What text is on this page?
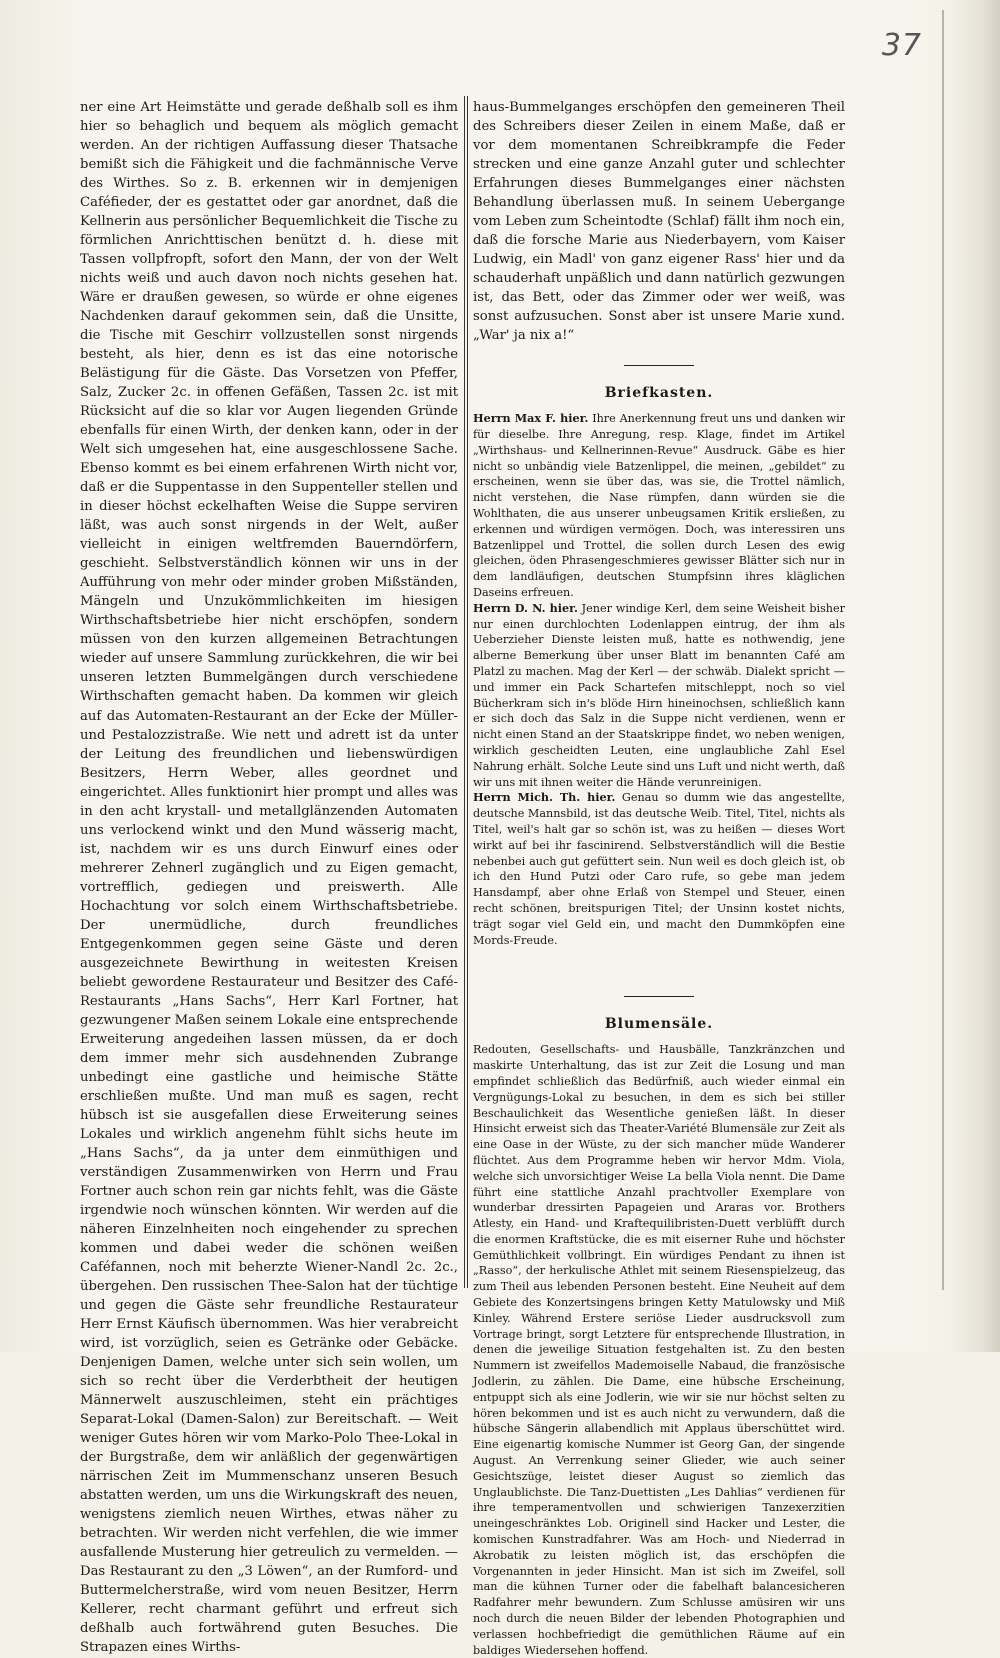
37

ner eine Art Heimstätte und gerade deßhalb soll es ihm hier so behaglich und bequem als möglich gemacht werden. An der richtigen Auffassung dieser Thatsache bemißt sich die Fähigkeit und die fachmännische Verve des Wirthes. So z. B. erkennen wir in demjenigen Caféfieder, der es gestattet oder gar anordnet, daß die Kellnerin aus persönlicher Bequemlichkeit die Tische zu förmlichen Anrichttischen benützt d. h. diese mit Tassen vollpfropft, sofort den Mann, der von der Welt nichts weiß und auch davon noch nichts gesehen hat. Wäre er draußen gewesen, so würde er ohne eigenes Nachdenken darauf gekommen sein, daß die Unsitte, die Tische mit Geschirr vollzustellen sonst nirgends besteht, als hier, denn es ist das eine notorische Belästigung für die Gäste. Das Vorsetzen von Pfeffer, Salz, Zucker 2c. in offenen Gefäßen, Tassen 2c. ist mit Rücksicht auf die so klar vor Augen liegenden Gründe ebenfalls für einen Wirth, der denken kann, oder in der Welt sich umgesehen hat, eine ausgeschlossene Sache. Ebenso kommt es bei einem erfahrenen Wirth nicht vor, daß er die Suppentasse in den Suppenteller stellen und in dieser höchst eckelhaften Weise die Suppe serviren läßt, was auch sonst nirgends in der Welt, außer vielleicht in einigen weltfremden Bauerndörfern, geschieht. Selbstverständlich können wir uns in der Aufführung von mehr oder minder groben Mißständen, Mängeln und Unzukömmlichkeiten im hiesigen Wirthschaftsbetriebe hier nicht erschöpfen, sondern müssen von den kurzen allgemeinen Betrachtungen wieder auf unsere Sammlung zurückkehren, die wir bei unseren letzten Bummelgängen durch verschiedene Wirthschaften gemacht haben. Da kommen wir gleich auf das Automaten-Restaurant an der Ecke der Müller- und Pestalozzistraße. Wie nett und adrett ist da unter der Leitung des freundlichen und liebenswürdigen Besitzers, Herrn Weber, alles geordnet und eingerichtet. Alles funktionirt hier prompt und alles was in den acht krystall- und metallglänzenden Automaten uns verlockend winkt und den Mund wässerig macht, ist, nachdem wir es uns durch Einwurf eines oder mehrerer Zehnerl zugänglich und zu Eigen gemacht, vortrefflich, gediegen und preiswerth. Alle Hochachtung vor solch einem Wirthschaftsbetriebe. Der unermüdliche, durch freundliches Entgegenkommen gegen seine Gäste und deren ausgezeichnete Bewirthung in weitesten Kreisen beliebt gewordene Restaurateur und Besitzer des Café-Restaurants „Hans Sachs“, Herr Karl Fortner, hat gezwungener Maßen seinem Lokale eine entsprechende Erweiterung angedeihen lassen müssen, da er doch dem immer mehr sich ausdehnenden Zubrange unbedingt eine gastliche und heimische Stätte erschließen mußte. Und man muß es sagen, recht hübsch ist sie ausgefallen diese Erweiterung seines Lokales und wirklich angenehm fühlt sichs heute im „Hans Sachs“, da ja unter dem einmüthigen und verständigen Zusammenwirken von Herrn und Frau Fortner auch schon rein gar nichts fehlt, was die Gäste irgendwie noch wünschen könnten. Wir werden auf die näheren Einzelnheiten noch eingehender zu sprechen kommen und dabei weder die schönen weißen Caféfannen, noch mit beherzte Wiener-Nandl 2c. 2c., übergehen. Den russischen Thee-Salon hat der tüchtige und gegen die Gäste sehr freundliche Restaurateur Herr Ernst Käufisch übernommen. Was hier verabreicht wird, ist vorzüglich, seien es Getränke oder Gebäcke. Denjenigen Damen, welche unter sich sein wollen, um sich so recht über die Verderbtheit der heutigen Männerwelt auszuschleimen, steht ein prächtiges Separat-Lokal (Damen-Salon) zur Bereitschaft. — Weit weniger Gutes hören wir vom Marko-Polo Thee-Lokal in der Burgstraße, dem wir anläßlich der gegenwärtigen närrischen Zeit im Mummenschanz unseren Besuch abstatten werden, um uns die Wirkungskraft des neuen, wenigstens ziemlich neuen Wirthes, etwas näher zu betrachten. Wir werden nicht verfehlen, die wie immer ausfallende Musterung hier getreulich zu vermelden. — Das Restaurant zu den „3 Löwen“, an der Rumford- und Buttermelcherstraße, wird vom neuen Besitzer, Herrn Kellerer, recht charmant geführt und erfreut sich deßhalb auch fortwährend guten Besuches. Die Strapazen eines Wirths-

haus-Bummelganges erschöpfen den gemeineren Theil des Schreibers dieser Zeilen in einem Maße, daß er vor dem momentanen Schreibkrampfe die Feder strecken und eine ganze Anzahl guter und schlechter Erfahrungen dieses Bummelganges einer nächsten Behandlung überlassen muß. In seinem Uebergange vom Leben zum Scheintodte (Schlaf) fällt ihm noch ein, daß die forsche Marie aus Niederbayern, vom Kaiser Ludwig, ein Madl' von ganz eigener Rass' hier und da schauderhaft unpäßlich und dann natürlich gezwungen ist, das Bett, oder das Zimmer oder wer weiß, was sonst aufzusuchen. Sonst aber ist unsere Marie xund. „War' ja nix a!“

Briefkasten.

Herrn Max F. hier. Ihre Anerkennung freut uns und danken wir für dieselbe. Ihre Anregung, resp. Klage, findet im Artikel „Wirthshaus- und Kellnerinnen-Revue“ Ausdruck. Gäbe es hier nicht so unbändig viele Batzenlippel, die meinen, „gebildet“ zu erscheinen, wenn sie über das, was sie, die Trottel nämlich, nicht verstehen, die Nase rümpfen, dann würden sie die Wohlthaten, die aus unserer unbeugsamen Kritik ersließen, zu erkennen und würdigen vermögen. Doch, was interessiren uns Batzenlippel und Trottel, die sollen durch Lesen des ewig gleichen, öden Phrasengeschmieres gewisser Blätter sich nur in dem landläufigen, deutschen Stumpfsinn ihres kläglichen Daseins erfreuen.

Herrn D. N. hier. Jener windige Kerl, dem seine Weisheit bisher nur einen durchlochten Lodenlappen eintrug, der ihm als Ueberzieher Dienste leisten muß, hatte es nothwendig, jene alberne Bemerkung über unser Blatt im benannten Café am Platzl zu machen. Mag der Kerl — der schwäb. Dialekt spricht — und immer ein Pack Schartefen mitschleppt, noch so viel Bücherkram sich in's blöde Hirn hineinochsen, schließlich kann er sich doch das Salz in die Suppe nicht verdienen, wenn er nicht einen Stand an der Staatskrippe findet, wo neben wenigen, wirklich gescheidten Leuten, eine unglaubliche Zahl Esel Nahrung erhält. Solche Leute sind uns Luft und nicht werth, daß wir uns mit ihnen weiter die Hände verunreinigen.

Herrn Mich. Th. hier. Genau so dumm wie das angestellte, deutsche Mannsbild, ist das deutsche Weib. Titel, Titel, nichts als Titel, weil's halt gar so schön ist, was zu heißen — dieses Wort wirkt auf bei ihr fascinirend. Selbstverständlich will die Bestie nebenbei auch gut gefüttert sein. Nun weil es doch gleich ist, ob ich den Hund Putzi oder Caro rufe, so gebe man jedem Hansdampf, aber ohne Erlaß von Stempel und Steuer, einen recht schönen, breitspurigen Titel; der Unsinn kostet nichts, trägt sogar viel Geld ein, und macht den Dummköpfen eine Mords-Freude.

Blumensäle.

Redouten, Gesellschafts- und Hausbälle, Tanzkränzchen und maskirte Unterhaltung, das ist zur Zeit die Losung und man empfindet schließlich das Bedürfniß, auch wieder einmal ein Vergnügungs-Lokal zu besuchen, in dem es sich bei stiller Beschaulichkeit das Wesentliche genießen läßt. In dieser Hinsicht erweist sich das Theater-Variété Blumensäle zur Zeit als eine Oase in der Wüste, zu der sich mancher müde Wanderer flüchtet. Aus dem Programme heben wir hervor Mdm. Viola, welche sich unvorsichtiger Weise La bella Viola nennt. Die Dame führt eine stattliche Anzahl prachtvoller Exemplare von wunderbar dressirten Papageien und Araras vor. Brothers Atlesty, ein Hand- und Kraftequilibristen-Duett verblüfft durch die enormen Kraftstücke, die es mit eiserner Ruhe und höchster Gemüthlichkeit vollbringt. Ein würdiges Pendant zu ihnen ist „Rasso“, der herkulische Athlet mit seinem Riesenspielzeug, das zum Theil aus lebenden Personen besteht. Eine Neuheit auf dem Gebiete des Konzertsingens bringen Ketty Matulowsky und Miß Kinley. Während Erstere seriöse Lieder ausdrucksvoll zum Vortrage bringt, sorgt Letztere für entsprechende Illustration, in denen die jeweilige Situation festgehalten ist. Zu den besten Nummern ist zweifellos Mademoiselle Nabaud, die französische Jodlerin, zu zählen. Die Dame, eine hübsche Erscheinung, entpuppt sich als eine Jodlerin, wie wir sie nur höchst selten zu hören bekommen und ist es auch nicht zu verwundern, daß die hübsche Sängerin allabendlich mit Applaus überschüttet wird. Eine eigenartig komische Nummer ist Georg Gan, der singende August. An Verrenkung seiner Glieder, wie auch seiner Gesichtszüge, leistet dieser August so ziemlich das Unglaublichste. Die Tanz-Duettisten „Les Dahlias“ verdienen für ihre temperamentvollen und schwierigen Tanzexerzitien uneingeschränktes Lob. Originell sind Hacker und Lester, die komischen Kunstradfahrer. Was am Hoch- und Niederrad in Akrobatik zu leisten möglich ist, das erschöpfen die Vorgenannten in jeder Hinsicht. Man ist sich im Zweifel, soll man die kühnen Turner oder die fabelhaft balancesicheren Radfahrer mehr bewundern. Zum Schlusse amüsiren wir uns noch durch die neuen Bilder der lebenden Photographien und verlassen hochbefriedigt die gemüthlichen Räume auf ein baldiges Wiedersehen hoffend.
